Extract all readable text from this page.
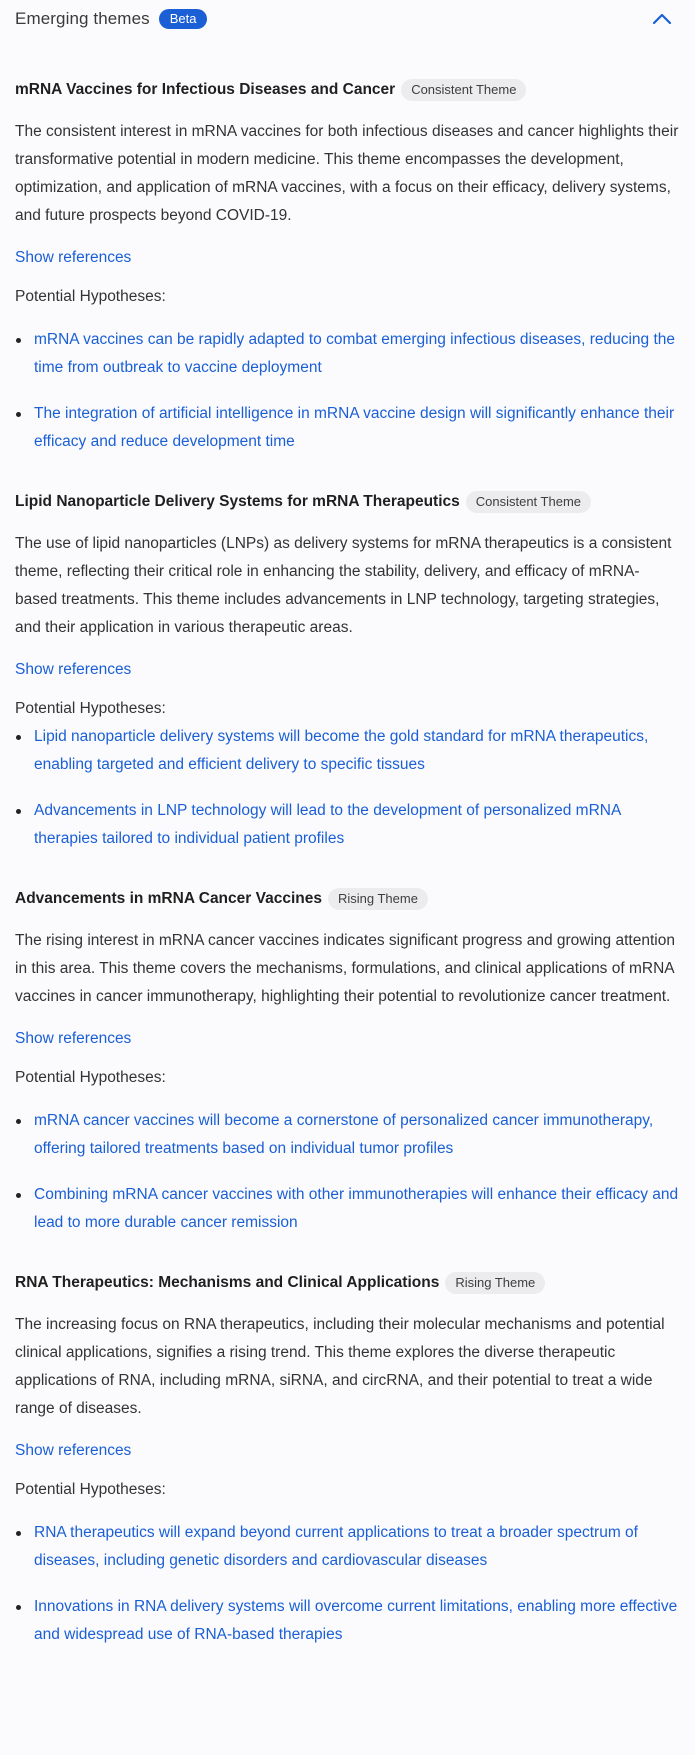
Emerging themes	Beta
mRNA Vaccines for Infectious Diseases and Cancer	Consistent Theme

The consistent interest in mRNA vaccines for both infectious diseases and cancer highlights their transformative potential in modern medicine. This theme encompasses the development, optimization, and application of mRNA vaccines, with a focus on their efficacy, delivery systems, and future prospects beyond COVID-19.

Show references
Potential Hypotheses:
mRNA vaccines can be rapidly adapted to combat emerging infectious diseases, reducing the time from outbreak to vaccine deployment
The integration of artificial intelligence in mRNA vaccine design will significantly enhance their efficacy and reduce development time
Lipid Nanoparticle Delivery Systems for mRNA Therapeutics	Consistent Theme

The use of lipid nanoparticles (LNPs) as delivery systems for mRNA therapeutics is a consistent theme, reflecting their critical role in enhancing the stability, delivery, and efficacy of mRNA-based treatments. This theme includes advancements in LNP technology, targeting strategies, and their application in various therapeutic areas.

Show references
Potential Hypotheses:
Lipid nanoparticle delivery systems will become the gold standard for mRNA therapeutics, enabling targeted and efficient delivery to specific tissues
Advancements in LNP technology will lead to the development of personalized mRNA therapies tailored to individual patient profiles
Advancements in mRNA Cancer Vaccines	Rising Theme

The rising interest in mRNA cancer vaccines indicates significant progress and growing attention in this area. This theme covers the mechanisms, formulations, and clinical applications of mRNA vaccines in cancer immunotherapy, highlighting their potential to revolutionize cancer treatment.

Show references
Potential Hypotheses:
mRNA cancer vaccines will become a cornerstone of personalized cancer immunotherapy, offering tailored treatments based on individual tumor profiles
Combining mRNA cancer vaccines with other immunotherapies will enhance their efficacy and lead to more durable cancer remission
RNA Therapeutics: Mechanisms and Clinical Applications	Rising Theme

The increasing focus on RNA therapeutics, including their molecular mechanisms and potential clinical applications, signifies a rising trend. This theme explores the diverse therapeutic applications of RNA, including mRNA, siRNA, and circRNA, and their potential to treat a wide range of diseases.

Show references
Potential Hypotheses:
RNA therapeutics will expand beyond current applications to treat a broader spectrum of diseases, including genetic disorders and cardiovascular diseases
Innovations in RNA delivery systems will overcome current limitations, enabling more effective and widespread use of RNA-based therapies
